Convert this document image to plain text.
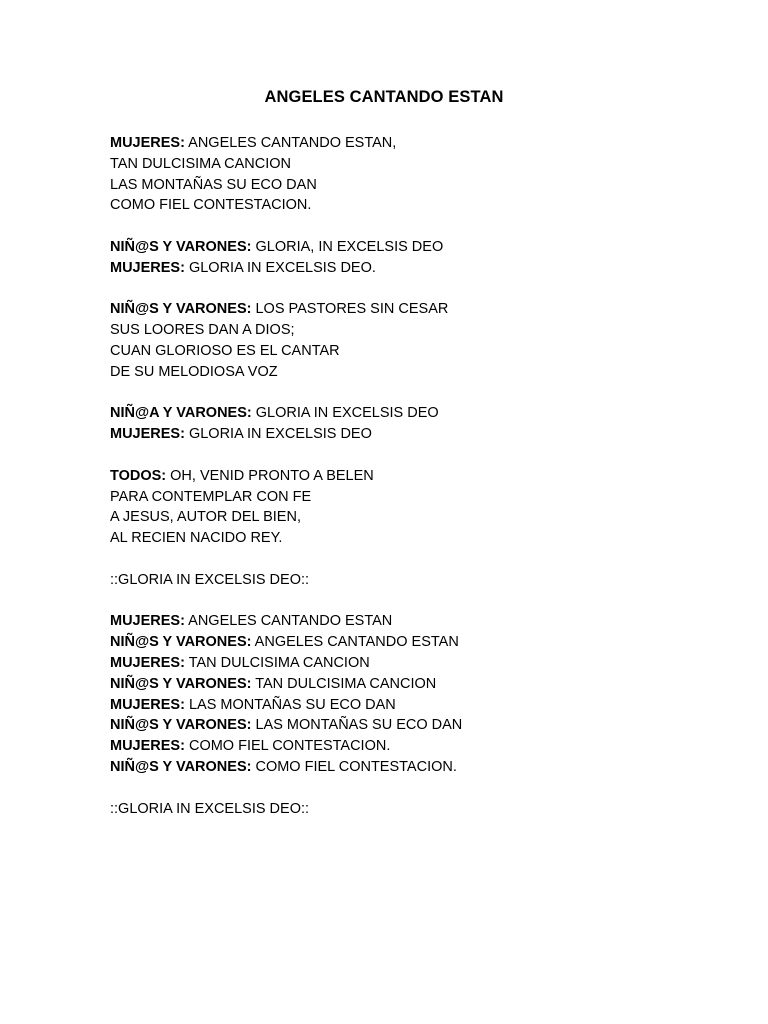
ANGELES CANTANDO ESTAN
MUJERES: ANGELES CANTANDO ESTAN,
TAN DULCISIMA CANCION
LAS MONTAÑAS SU ECO DAN
COMO FIEL CONTESTACION.
NIÑ@S Y VARONES: GLORIA, IN EXCELSIS DEO
MUJERES: GLORIA IN EXCELSIS DEO.
NIÑ@S Y VARONES: LOS PASTORES SIN CESAR
SUS LOORES DAN A DIOS;
CUAN GLORIOSO ES EL CANTAR
DE SU MELODIOSA VOZ
NIÑ@A Y VARONES: GLORIA IN EXCELSIS DEO
MUJERES: GLORIA IN EXCELSIS DEO
TODOS: OH, VENID PRONTO A BELEN
PARA CONTEMPLAR CON FE
A JESUS, AUTOR DEL BIEN,
AL RECIEN NACIDO REY.
::GLORIA IN EXCELSIS DEO::
MUJERES: ANGELES CANTANDO ESTAN
NIÑ@S Y VARONES: ANGELES CANTANDO ESTAN
MUJERES: TAN DULCISIMA CANCION
NIÑ@S Y VARONES: TAN DULCISIMA CANCION
MUJERES: LAS MONTAÑAS SU ECO DAN
NIÑ@S Y VARONES: LAS MONTAÑAS SU ECO DAN
MUJERES: COMO FIEL CONTESTACION.
NIÑ@S Y VARONES: COMO FIEL CONTESTACION.
::GLORIA IN EXCELSIS DEO::
